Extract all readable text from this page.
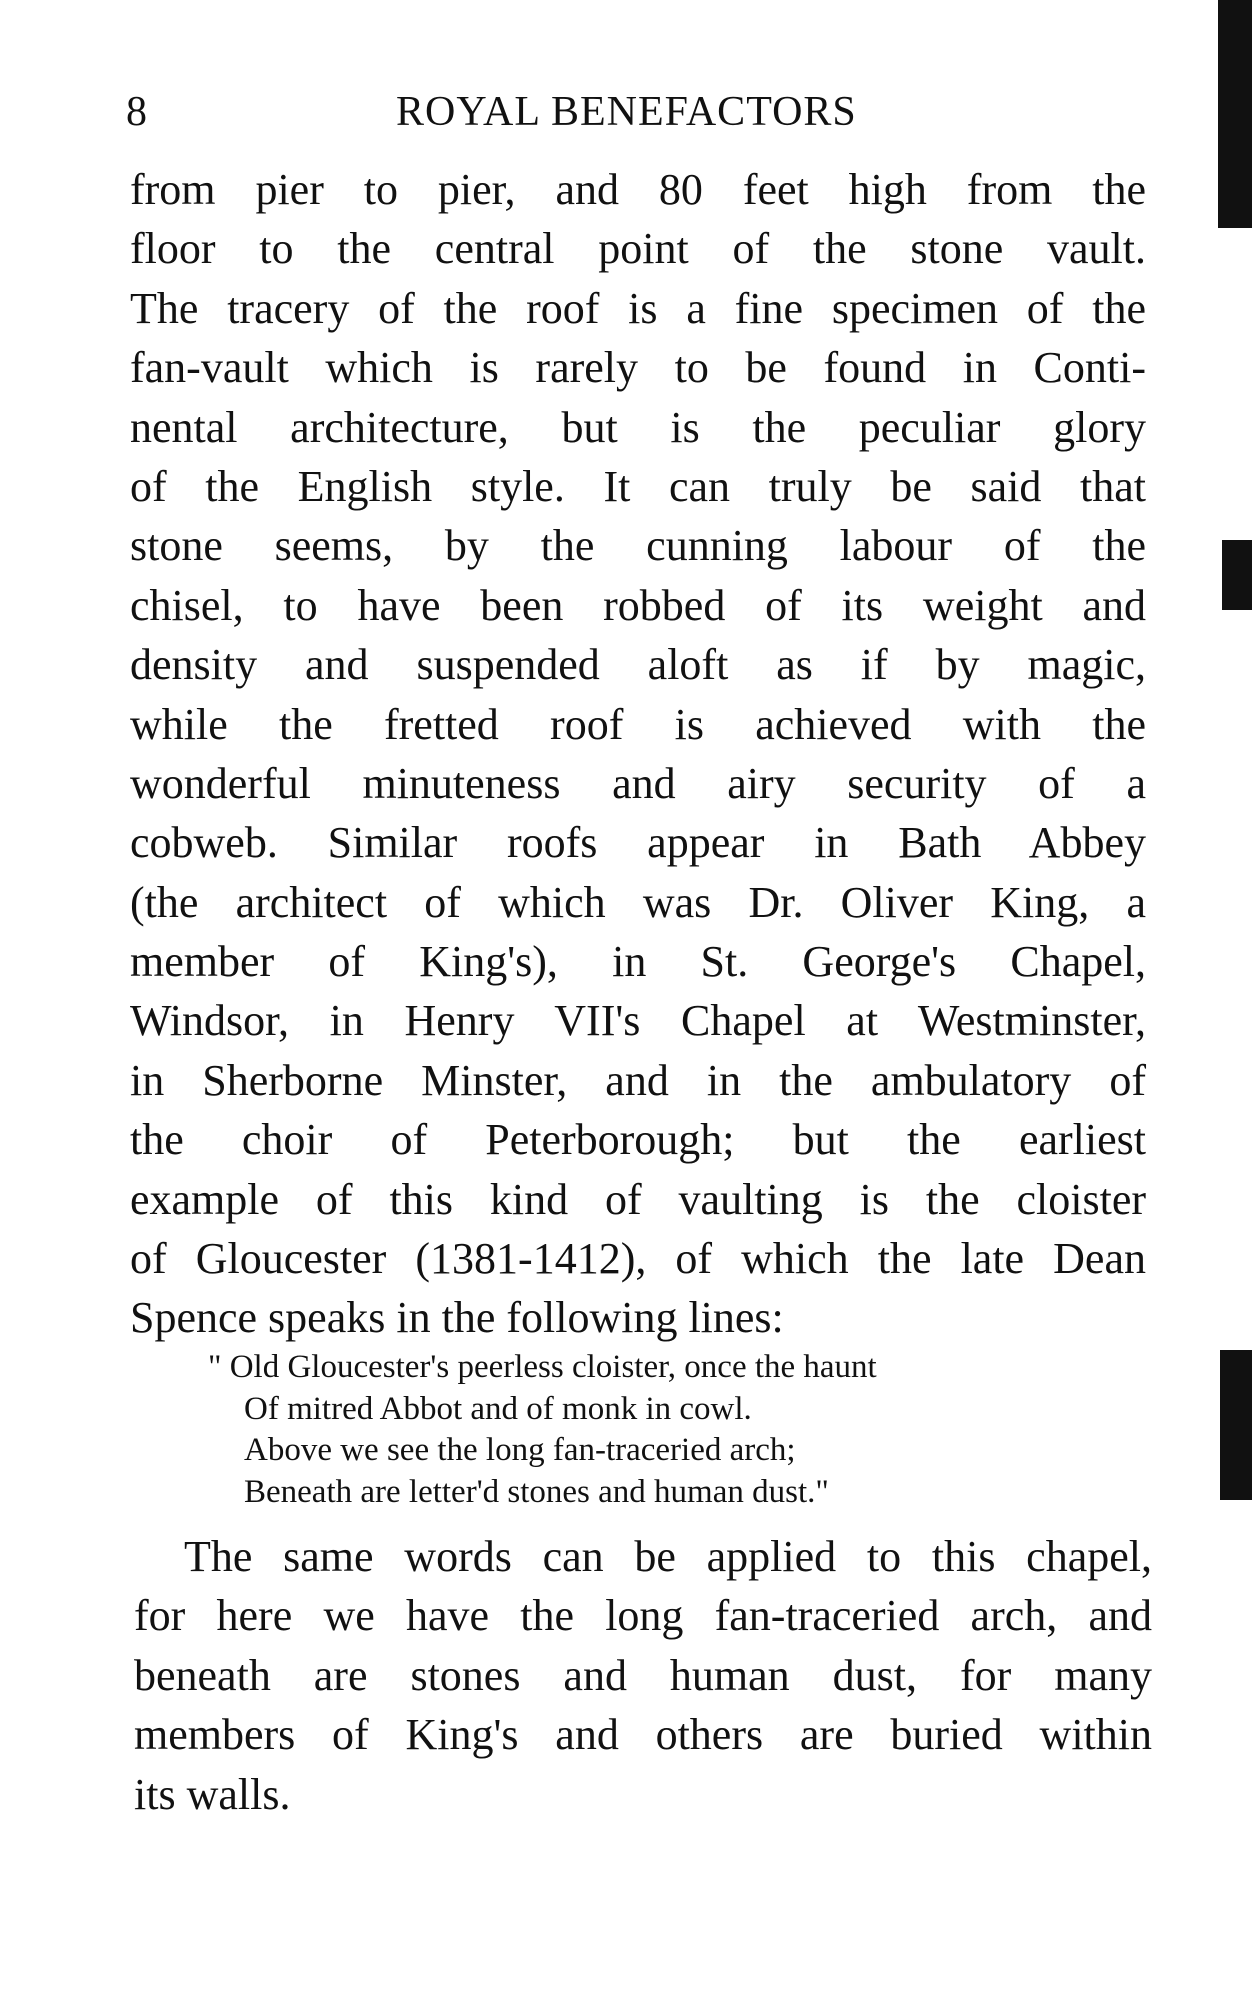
8	ROYAL BENEFACTORS
from pier to pier, and 80 feet high from the
floor to the central point of the stone vault.
The tracery of the roof is a fine specimen of the
fan-vault which is rarely to be found in Conti-
nental architecture, but is the peculiar glory
of the English style. It can truly be said that
stone seems, by the cunning labour of the
chisel, to have been robbed of its weight and
density and suspended aloft as if by magic,
while the fretted roof is achieved with the
wonderful minuteness and airy security of a
cobweb. Similar roofs appear in Bath Abbey
(the architect of which was Dr. Oliver King, a
member of King's), in St. George's Chapel,
Windsor, in Henry VII's Chapel at Westminster,
in Sherborne Minster, and in the ambulatory of
the choir of Peterborough; but the earliest
example of this kind of vaulting is the cloister
of Gloucester (1381-1412), of which the late Dean
Spence speaks in the following lines:
" Old Gloucester's peerless cloister, once the haunt
Of mitred Abbot and of monk in cowl.
Above we see the long fan-traceried arch;
Beneath are letter'd stones and human dust."
The same words can be applied to this chapel,
for here we have the long fan-traceried arch, and
beneath are stones and human dust, for many
members of King's and others are buried within
its walls.
